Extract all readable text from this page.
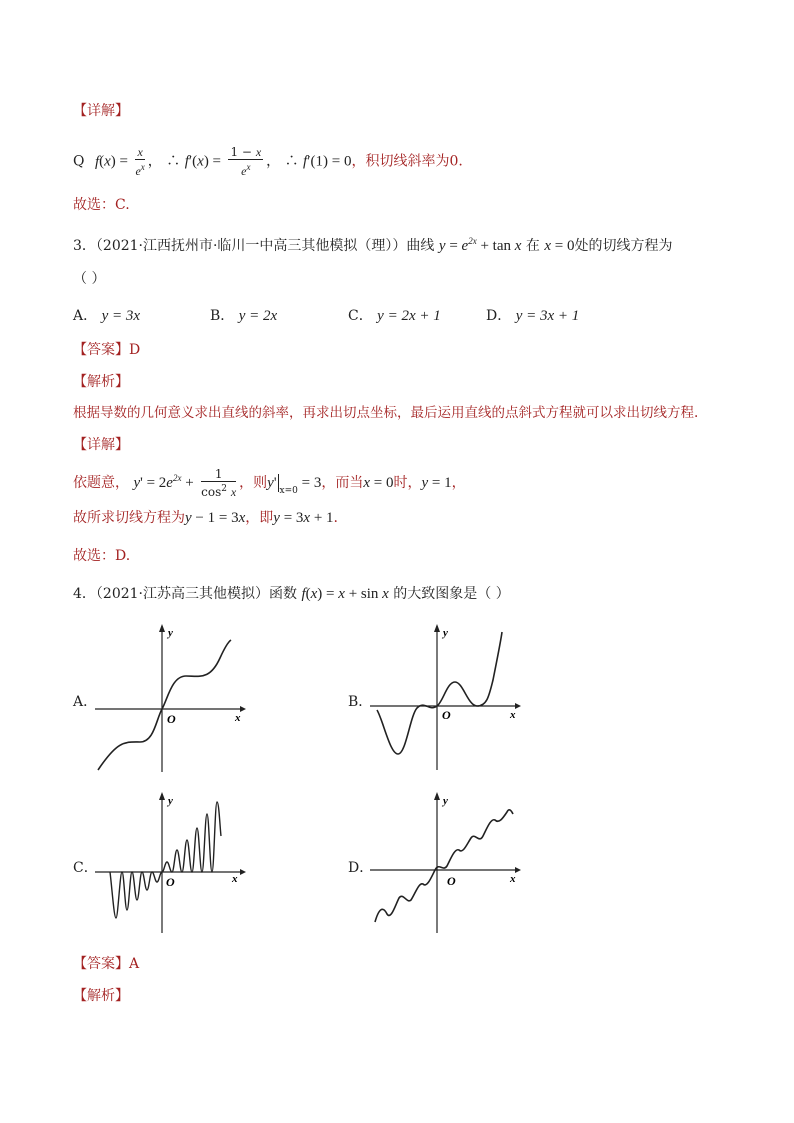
【详解】
Q $f(x) = \frac{x}{e^x}$ ， ∴ $f'(x) = \frac{1 - x}{e^x}$ ， ∴ f′(1) = 0，积切线斜率为0.
故选：C.
3．（2021·江西抚州市·临川一中高三其他模拟（理））曲线 $y = e^{2x} + \tan x$ 在 x = 0处的切线方程为
（ ）
A． y = 3x	B． y = 2x	C． y = 2x + 1	D． y = 3x + 1
【答案】D
【解析】
根据导数的几何意义求出直线的斜率，再求出切点坐标，最后运用直线的点斜式方程就可以求出切线方程.
【详解】
依题意， $y' = 2e^{2x} + \frac{1}{\cos^2 x}$ ，则y' $_{x=0}$ = 3，而当x = 0时，y = 1，
故所求切线方程为y − 1 = 3x，即y = 3x + 1.
故选：D.
4．（2021·江苏高三其他模拟）函数 f(x) = x + sin x 的大致图象是（ ）
A．	B．
C．	D．
y
x
O
y
x
O
y
x
O
y
x
O
【答案】A
【解析】
